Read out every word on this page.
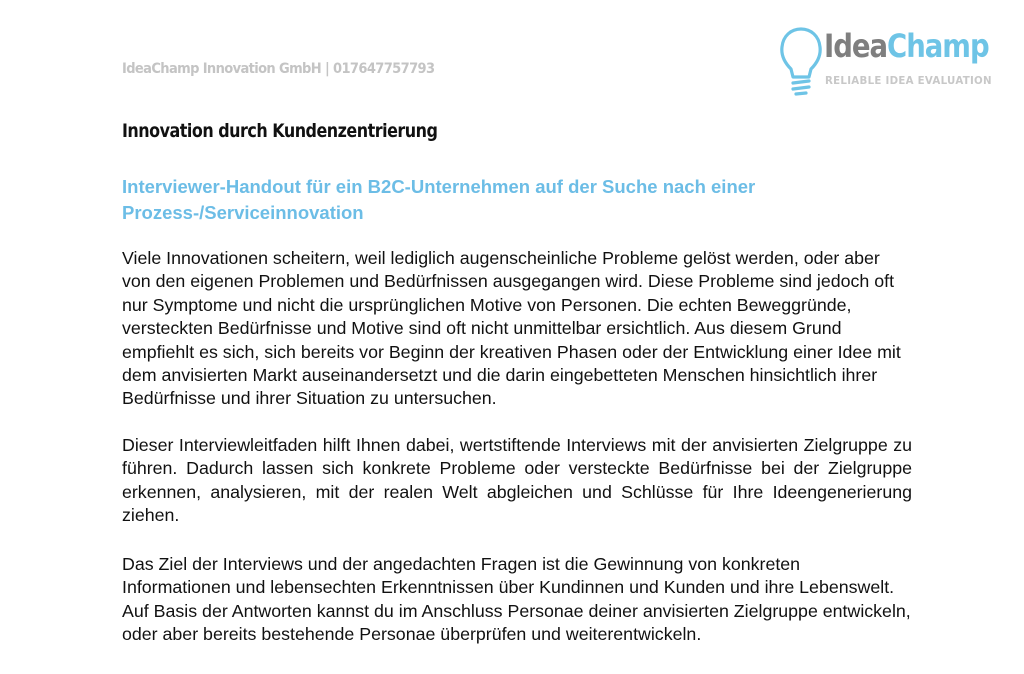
IdeaChamp Innovation GmbH | 017647757793
IdeaChamp
RELIABLE IDEA EVALUATION
Innovation durch Kundenzentrierung
Interviewer-Handout für ein B2C-Unternehmen auf der Suche nach einer Prozess-/Serviceinnovation

Viele Innovationen scheitern, weil lediglich augenscheinliche Probleme gelöst werden, oder aber von den eigenen Problemen und Bedürfnissen ausgegangen wird. Diese Probleme sind jedoch oft nur Symptome und nicht die ursprünglichen Motive von Personen. Die echten Beweggründe, versteckten Bedürfnisse und Motive sind oft nicht unmittelbar ersichtlich. Aus diesem Grund empfiehlt es sich, sich bereits vor Beginn der kreativen Phasen oder der Entwicklung einer Idee mit dem anvisierten Markt auseinandersetzt und die darin eingebetteten Menschen hinsichtlich ihrer Bedürfnisse und ihrer Situation zu untersuchen.

Dieser Interviewleitfaden hilft Ihnen dabei, wertstiftende Interviews mit der anvisierten Zielgruppe zu führen. Dadurch lassen sich konkrete Probleme oder versteckte Bedürfnisse bei der Zielgruppe erkennen, analysieren, mit der realen Welt abgleichen und Schlüsse für Ihre Ideengenerierung ziehen.

Das Ziel der Interviews und der angedachten Fragen ist die Gewinnung von konkreten Informationen und lebensechten Erkenntnissen über Kundinnen und Kunden und ihre Lebenswelt. Auf Basis der Antworten kannst du im Anschluss Personae deiner anvisierten Zielgruppe entwickeln, oder aber bereits bestehende Personae überprüfen und weiterentwickeln.
